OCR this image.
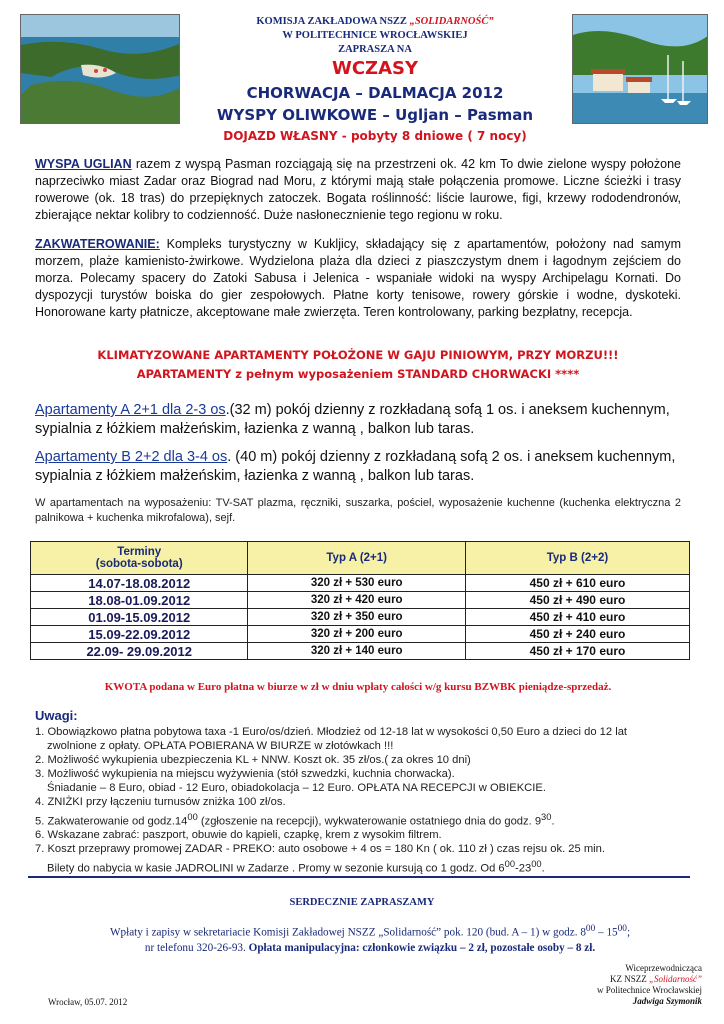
KOMISJA ZAKŁADOWA NSZZ „SOLIDARNOŚĆ”
W POLITECHNICE WROCŁAWSKIEJ
ZAPRASZA NA
WCZASY
CHORWACJA – DALMACJA 2012
WYSPY OLIWKOWE – Ugljan – Pasman
DOJAZD WŁASNY - pobyty 8 dniowe ( 7 nocy)
WYSPA UGLIAN razem z wyspą Pasman rozciągają się na przestrzeni ok. 42 km To dwie zielone wyspy położone naprzeciwko miast Zadar oraz Biograd nad Moru, z którymi mają stałe połączenia promowe. Liczne ścieżki i trasy rowerowe (ok. 18 tras) do przepięknych zatoczek. Bogata roślinność: liście laurowe, figi, krzewy rododendronów, zbierające nektar kolibry to codzienność. Duże nasłonecznienie tego regionu w roku.
ZAKWATEROWANIE: Kompleks turystyczny w Kukljicy, składający się z apartamentów, położony nad samym morzem, plaże kamienisto-żwirkowe. Wydzielona plaża dla dzieci z piaszczystym dnem i łagodnym zejściem do morza. Polecamy spacery do Zatoki Sabusa i Jelenica - wspaniałe widoki na wyspy Archipelagu Kornati. Do dyspozycji turystów boiska do gier zespołowych. Płatne korty tenisowe, rowery górskie i wodne, dyskoteki. Honorowane karty płatnicze, akceptowane małe zwierzęta. Teren kontrolowany, parking bezpłatny, recepcja.
KLIMATYZOWANE APARTAMENTY POŁOŻONE W GAJU PINIOWYM, PRZY MORZU!!!
APARTAMENTY z pełnym wyposażeniem STANDARD CHORWACKI ****
Apartamenty A 2+1 dla 2-3 os.(32 m) pokój dzienny z rozkładaną sofą 1 os. i aneksem kuchennym, sypialnia z łóżkiem małżeńskim, łazienka z wanną , balkon lub taras.
Apartamenty B 2+2 dla 3-4 os. (40 m) pokój dzienny z rozkładaną sofą 2 os. i aneksem kuchennym, sypialnia z łóżkiem małżeńskim, łazienka z wanną , balkon lub taras.
W apartamentach na wyposażeniu: TV-SAT plazma, ręczniki, suszarka, pościel, wyposażenie kuchenne (kuchenka elektryczna 2 palnikowa + kuchenka mikrofalowa), sejf.
Terminy
(sobota-sobota)	Typ A (2+1)	Typ B (2+2)
14.07-18.08.2012	320 zł + 530 euro	450 zł + 610 euro
18.08-01.09.2012	320 zł + 420 euro	450 zł + 490 euro
01.09-15.09.2012	320 zł + 350 euro	450 zł + 410 euro
15.09-22.09.2012	320 zł + 200 euro	450 zł + 240 euro
22.09- 29.09.2012	320 zł + 140 euro	450 zł + 170 euro
KWOTA podana w Euro płatna w biurze w zł w dniu wpłaty całości w/g kursu BZWBK pieniądze-sprzedaż.
Uwagi:
1. Obowiązkowo płatna pobytowa taxa -1 Euro/os/dzień. Młodzież od 12-18 lat w wysokości 0,50 Euro a dzieci do 12 lat
zwolnione z opłaty. OPŁATA POBIERANA W BIURZE w złotówkach !!!
2. Możliwość wykupienia ubezpieczenia KL + NNW. Koszt ok. 35 zł/os.( za okres 10 dni)
3. Możliwość wykupienia na miejscu wyżywienia (stół szwedzki, kuchnia chorwacka).
Śniadanie – 8 Euro, obiad - 12 Euro, obiadokolacja – 12 Euro. OPŁATA NA RECEPCJI w OBIEKCIE.
4. ZNIŻKI przy łączeniu turnusów zniżka 100 zł/os.
5. Zakwaterowanie od $godz.14^{00}$ (zgłoszenie na recepcji), wykwaterowanie ostatniego dnia do godz. $9^{30}$.
6. Wskazane zabrać: paszport, obuwie do kąpieli, czapkę, krem z wysokim filtrem.
7. Koszt przeprawy promowej ZADAR - PREKO: auto osobowe + 4 os = 180 Kn ( ok. 110 zł ) czas rejsu ok. 25 min.
Bilety do nabycia w kasie JADROLINI w Zadarze . Promy w sezonie kursują co 1 godz. Od $6^{00}-23^{00}$.
SERDECZNIE ZAPRASZAMY
Wpłaty i zapisy w sekretariacie Komisji Zakładowej NSZZ „Solidarność” pok. 120 (bud. A – 1) w godz. $8^{00} - 15^{00}$;
nr telefonu 320-26-93. Opłata manipulacyjna: członkowie związku – 2 zł, pozostałe osoby – 8 zł.
Wiceprzewodnicząca
KZ NSZZ „Solidarność”
w Politechnice Wrocławskiej
Jadwiga Szymonik
Wrocław, 05.07. 2012
